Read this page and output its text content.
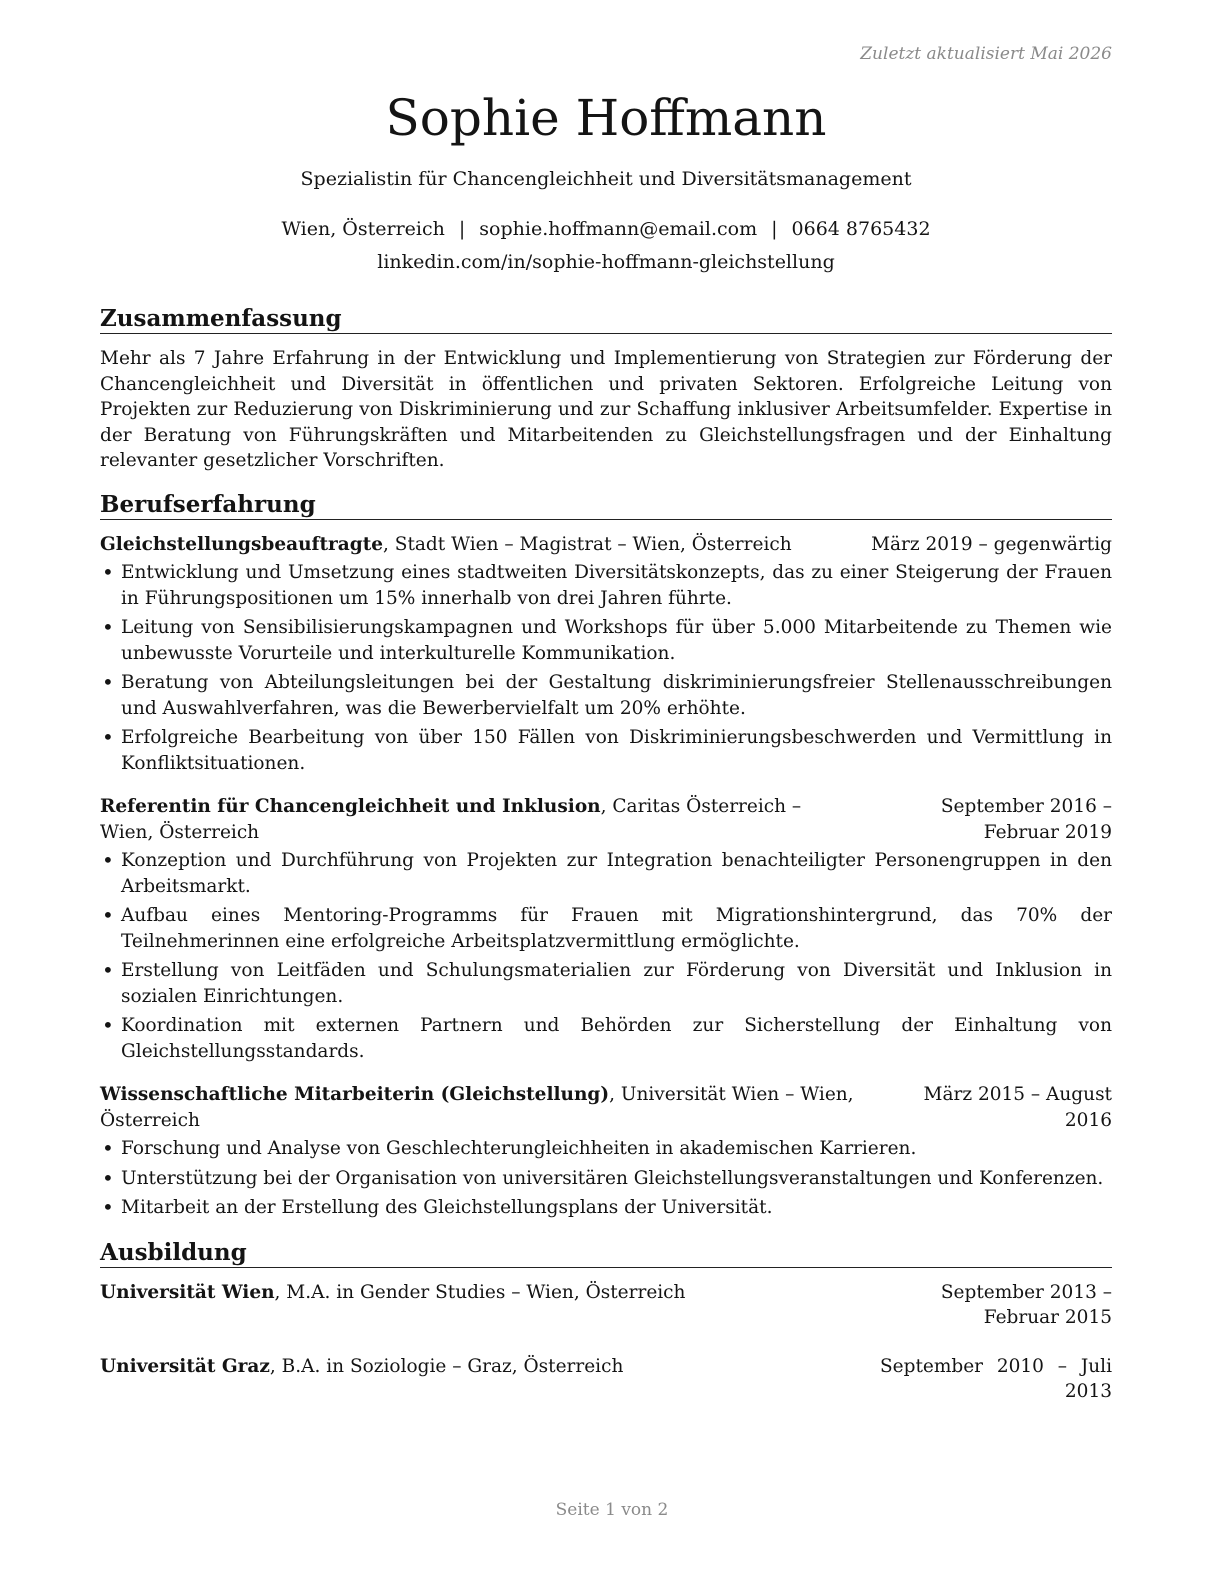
Zuletzt aktualisiert Mai 2026
Sophie Hoffmann
Spezialistin für Chancengleichheit und Diversitätsmanagement
Wien, Österreich | sophie.hoffmann@email.com | 0664 8765432
linkedin.com/in/sophie-hoffmann-gleichstellung
Zusammenfassung

Mehr als 7 Jahre Erfahrung in der Entwicklung und Implementierung von Strategien zur Förderung der Chancengleichheit und Diversität in öffentlichen und privaten Sektoren. Erfolgreiche Leitung von Projekten zur Reduzierung von Diskriminierung und zur Schaffung inklusiver Arbeitsumfelder. Expertise in der Beratung von Führungskräften und Mitarbeitenden zu Gleichstellungsfragen und der Einhaltung relevanter gesetzlicher Vorschriften.

Berufserfahrung
Gleichstellungsbeauftragte, Stadt Wien – Magistrat – Wien, Österreich	März 2019 – gegenwärtig
• Entwicklung und Umsetzung eines stadtweiten Diversitätskonzepts, das zu einer Steigerung der Frauen in Führungspositionen um 15% innerhalb von drei Jahren führte.
• Leitung von Sensibilisierungskampagnen und Workshops für über 5.000 Mitarbeitende zu Themen wie unbewusste Vorurteile und interkulturelle Kommunikation.
• Beratung von Abteilungsleitungen bei der Gestaltung diskriminierungsfreier Stellenausschreibungen und Auswahlverfahren, was die Bewerbervielfalt um 20% erhöhte.
• Erfolgreiche Bearbeitung von über 150 Fällen von Diskriminierungsbeschwerden und Vermittlung in Konfliktsituationen.
Referentin für Chancengleichheit und Inklusion, Caritas Österreich – Wien, Österreich
September 2016 – Februar 2019
• Konzeption und Durchführung von Projekten zur Integration benachteiligter Personengruppen in den Arbeitsmarkt.
• Aufbau eines Mentoring-Programms für Frauen mit Migrationshintergrund, das 70% der Teilnehmerinnen eine erfolgreiche Arbeitsplatzvermittlung ermöglichte.
• Erstellung von Leitfäden und Schulungsmaterialien zur Förderung von Diversität und Inklusion in sozialen Einrichtungen.
• Koordination mit externen Partnern und Behörden zur Sicherstellung der Einhaltung von Gleichstellungsstandards.
Wissenschaftliche Mitarbeiterin (Gleichstellung), Universität Wien – Wien, Österreich
März 2015 – August 2016
• Forschung und Analyse von Geschlechterungleichheiten in akademischen Karrieren.
• Unterstützung bei der Organisation von universitären Gleichstellungsveranstaltungen und Konferenzen.
• Mitarbeit an der Erstellung des Gleichstellungsplans der Universität.
Ausbildung
Universität Wien, M.A. in Gender Studies – Wien, Österreich	September 2013 – Februar 2015
Universität Graz, B.A. in Soziologie – Graz, Österreich	September 2010 – Juli 2013
Seite 1 von 2
